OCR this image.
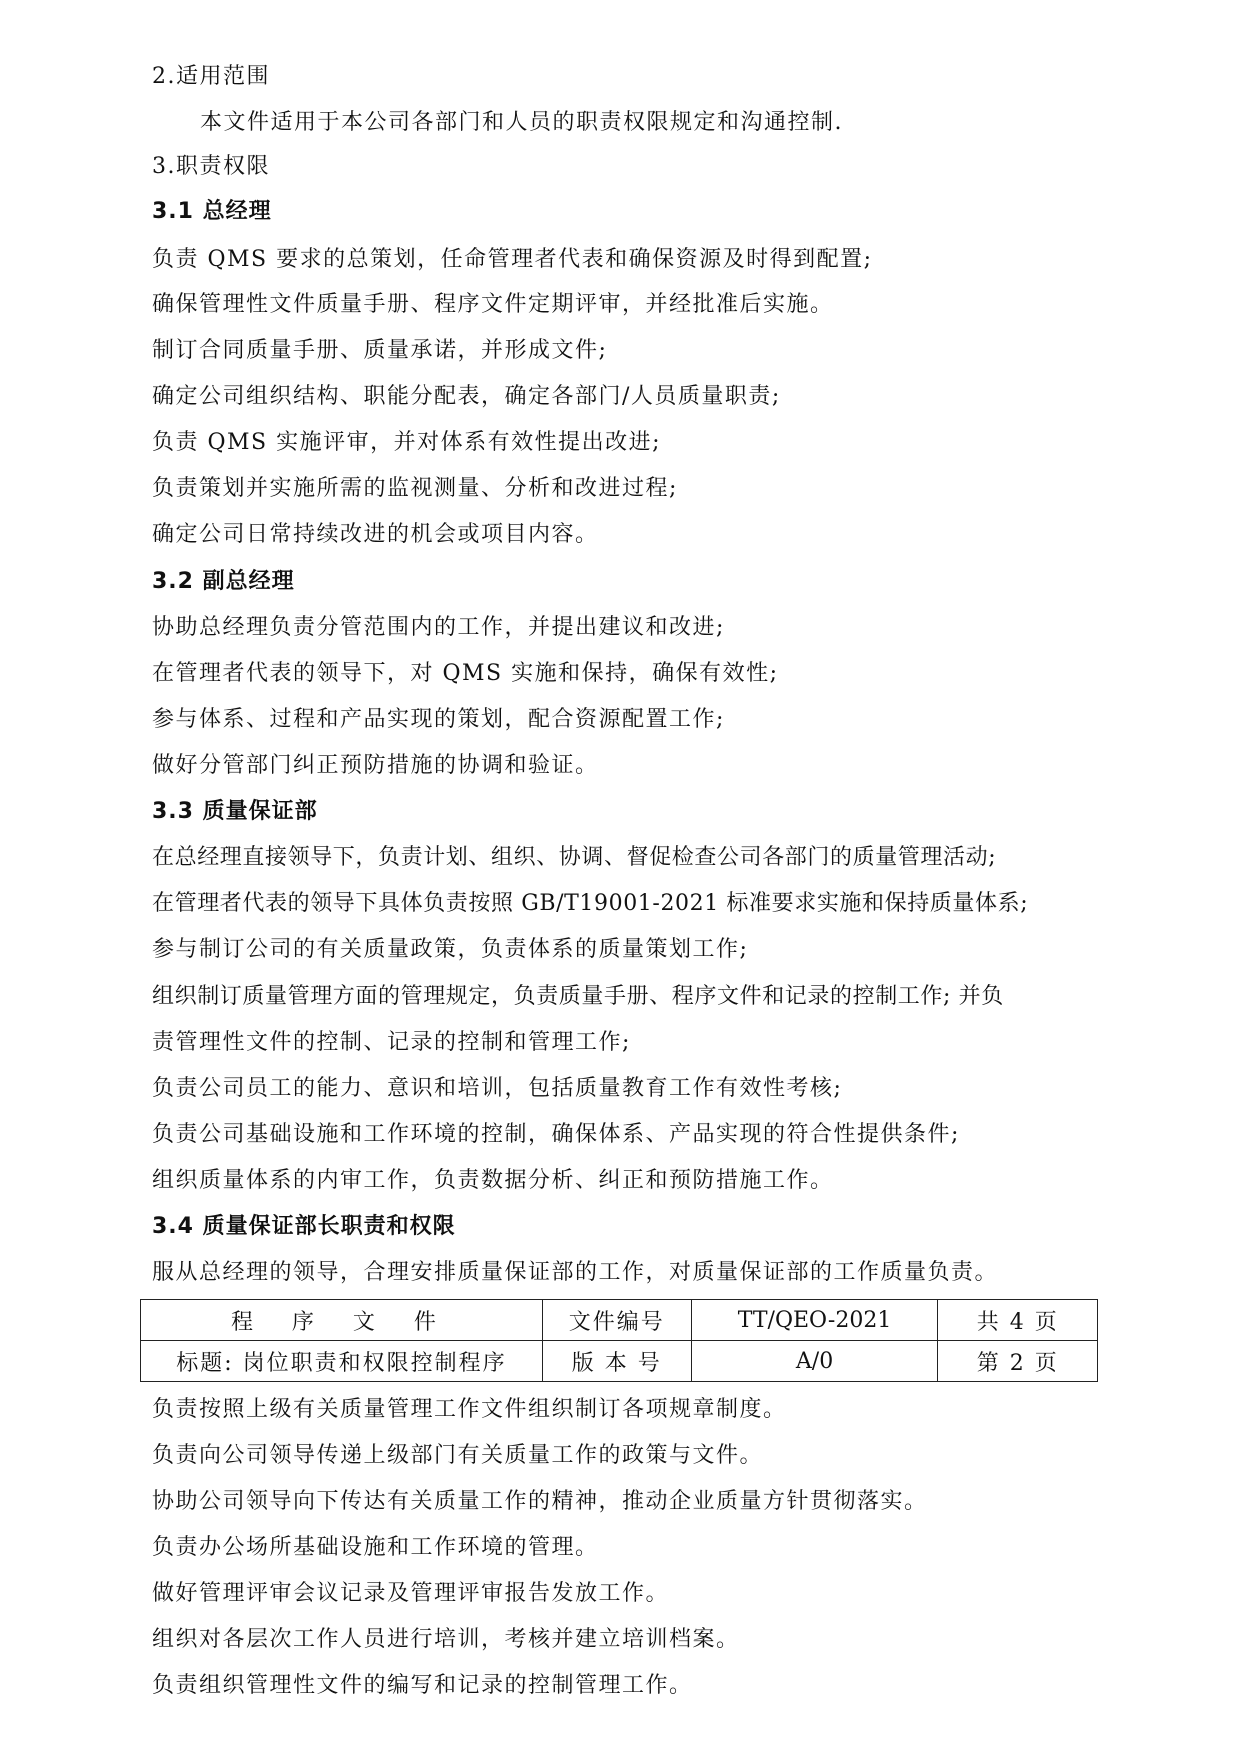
2.适用范围
本文件适用于本公司各部门和人员的职责权限规定和沟通控制.
3.职责权限
3.1 总经理
负责 QMS 要求的总策划，任命管理者代表和确保资源及时得到配置;
确保管理性文件质量手册、程序文件定期评审，并经批准后实施。
制订合同质量手册、质量承诺，并形成文件;
确定公司组织结构、职能分配表，确定各部门/人员质量职责;
负责 QMS 实施评审，并对体系有效性提出改进;
负责策划并实施所需的监视测量、分析和改进过程;
确定公司日常持续改进的机会或项目内容。
3.2 副总经理
协助总经理负责分管范围内的工作，并提出建议和改进;
在管理者代表的领导下，对 QMS 实施和保持，确保有效性;
参与体系、过程和产品实现的策划，配合资源配置工作;
做好分管部门纠正预防措施的协调和验证。
3.3 质量保证部
在总经理直接领导下，负责计划、组织、协调、督促检查公司各部门的质量管理活动;
在管理者代表的领导下具体负责按照 GB/T19001-2021 标准要求实施和保持质量体系;
参与制订公司的有关质量政策，负责体系的质量策划工作;
组织制订质量管理方面的管理规定，负责质量手册、程序文件和记录的控制工作; 并负
责管理性文件的控制、记录的控制和管理工作;
负责公司员工的能力、意识和培训，包括质量教育工作有效性考核;
负责公司基础设施和工作环境的控制，确保体系、产品实现的符合性提供条件;
组织质量体系的内审工作，负责数据分析、纠正和预防措施工作。
3.4 质量保证部长职责和权限
服从总经理的领导，合理安排质量保证部的工作，对质量保证部的工作质量负责。
程 序 文 件	文件编号	TT/QEO-2021	共 4 页
标题: 岗位职责和权限控制程序	版 本 号	A/0	第 2 页
负责按照上级有关质量管理工作文件组织制订各项规章制度。
负责向公司领导传递上级部门有关质量工作的政策与文件。
协助公司领导向下传达有关质量工作的精神，推动企业质量方针贯彻落实。
负责办公场所基础设施和工作环境的管理。
做好管理评审会议记录及管理评审报告发放工作。
组织对各层次工作人员进行培训，考核并建立培训档案。
负责组织管理性文件的编写和记录的控制管理工作。
